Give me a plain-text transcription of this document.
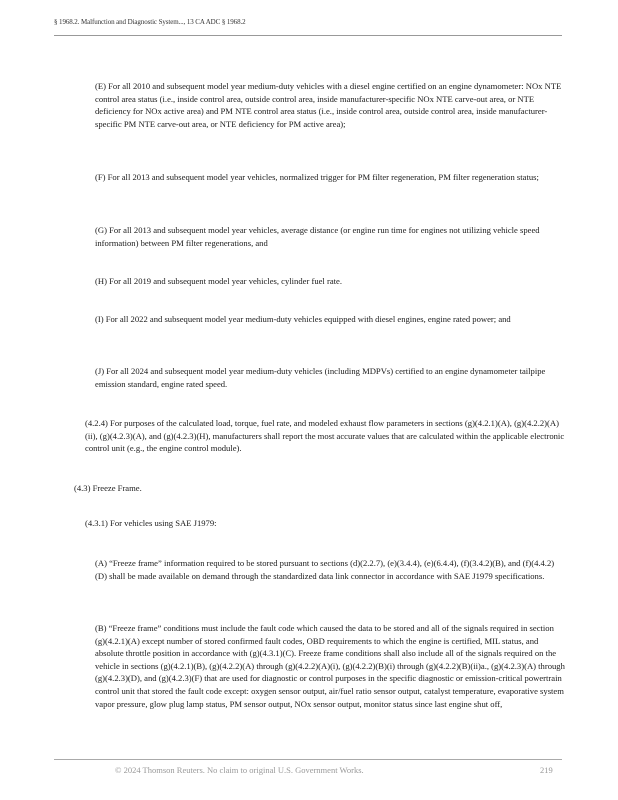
§ 1968.2. Malfunction and Diagnostic System..., 13 CA ADC § 1968.2

(E) For all 2010 and subsequent model year medium-duty vehicles with a diesel engine certified on an engine dynamometer: NOx NTE control area status (i.e., inside control area, outside control area, inside manufacturer-specific NOx NTE carve-out area, or NTE deficiency for NOx active area) and PM NTE control area status (i.e., inside control area, outside control area, inside manufacturer-specific PM NTE carve-out area, or NTE deficiency for PM active area);

(F) For all 2013 and subsequent model year vehicles, normalized trigger for PM filter regeneration, PM filter regeneration status;

(G) For all 2013 and subsequent model year vehicles, average distance (or engine run time for engines not utilizing vehicle speed information) between PM filter regenerations, and

(H) For all 2019 and subsequent model year vehicles, cylinder fuel rate.

(I) For all 2022 and subsequent model year medium-duty vehicles equipped with diesel engines, engine rated power; and

(J) For all 2024 and subsequent model year medium-duty vehicles (including MDPVs) certified to an engine dynamometer tailpipe emission standard, engine rated speed.

(4.2.4) For purposes of the calculated load, torque, fuel rate, and modeled exhaust flow parameters in sections (g)(4.2.1)(A), (g)(4.2.2)(A)(ii), (g)(4.2.3)(A), and (g)(4.2.3)(H), manufacturers shall report the most accurate values that are calculated within the applicable electronic control unit (e.g., the engine control module).

(4.3) Freeze Frame.

(4.3.1) For vehicles using SAE J1979:

(A) “Freeze frame” information required to be stored pursuant to sections (d)(2.2.7), (e)(3.4.4), (e)(6.4.4), (f)(3.4.2)(B), and (f)(4.4.2)(D) shall be made available on demand through the standardized data link connector in accordance with SAE J1979 specifications.

(B) “Freeze frame” conditions must include the fault code which caused the data to be stored and all of the signals required in section (g)(4.2.1)(A) except number of stored confirmed fault codes, OBD requirements to which the engine is certified, MIL status, and absolute throttle position in accordance with (g)(4.3.1)(C). Freeze frame conditions shall also include all of the signals required on the vehicle in sections (g)(4.2.1)(B), (g)(4.2.2)(A) through (g)(4.2.2)(A)(i), (g)(4.2.2)(B)(i) through (g)(4.2.2)(B)(ii)a., (g)(4.2.3)(A) through (g)(4.2.3)(D), and (g)(4.2.3)(F) that are used for diagnostic or control purposes in the specific diagnostic or emission-critical powertrain control unit that stored the fault code except: oxygen sensor output, air/fuel ratio sensor output, catalyst temperature, evaporative system vapor pressure, glow plug lamp status, PM sensor output, NOx sensor output, monitor status since last engine shut off,

© 2024 Thomson Reuters. No claim to original U.S. Government Works.	219
